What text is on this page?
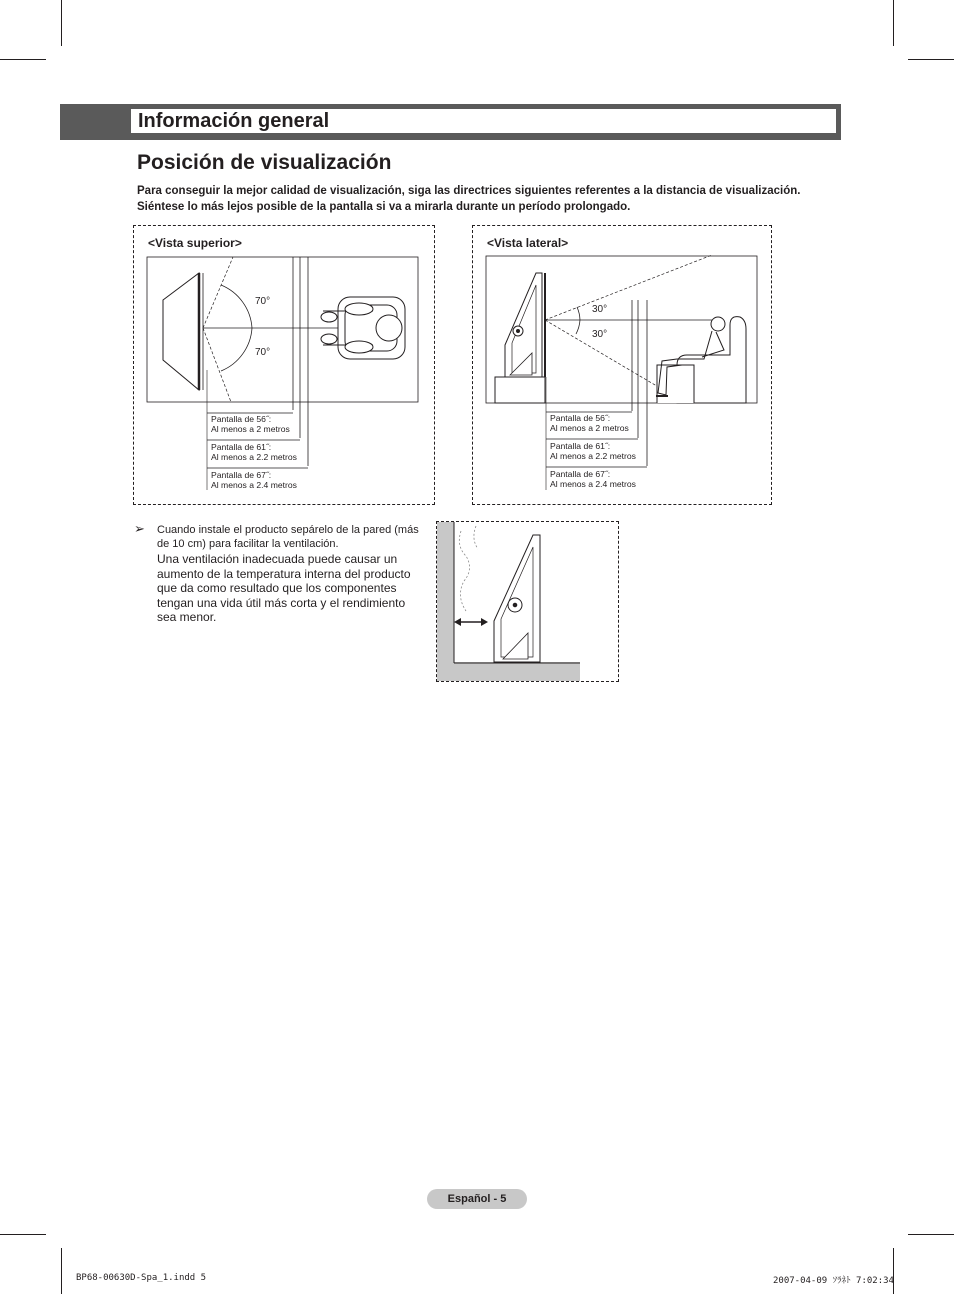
Información general
Posición de visualización
Para conseguir la mejor calidad de visualización, siga las directrices siguientes referentes a la distancia de visualización.
Siéntese lo más lejos posible de la pantalla si va a mirarla durante un período prolongado.
<Vista superior>
70°
70°
Pantalla de 56˝:
Al menos a 2 metros
Pantalla de 61˝:
Al menos a 2.2 metros
Pantalla de 67˝:
Al menos a 2.4 metros
<Vista lateral>
30°
30°
Pantalla de 56˝:
Al menos a 2 metros
Pantalla de 61˝:
Al menos a 2.2 metros
Pantalla de 67˝:
Al menos a 2.4 metros
➢ Cuando instale el producto sepárelo de la pared (más de 10 cm) para facilitar la ventilación.
Una ventilación inadecuada puede causar un aumento de la temperatura interna del producto que da como resultado que los componentes tengan una vida útil más corta y el rendimiento sea menor.
Español - 5
BP68-00630D-Spa_1.indd 5	2007-04-09 ｿﾗﾈﾄ 7:02:34
